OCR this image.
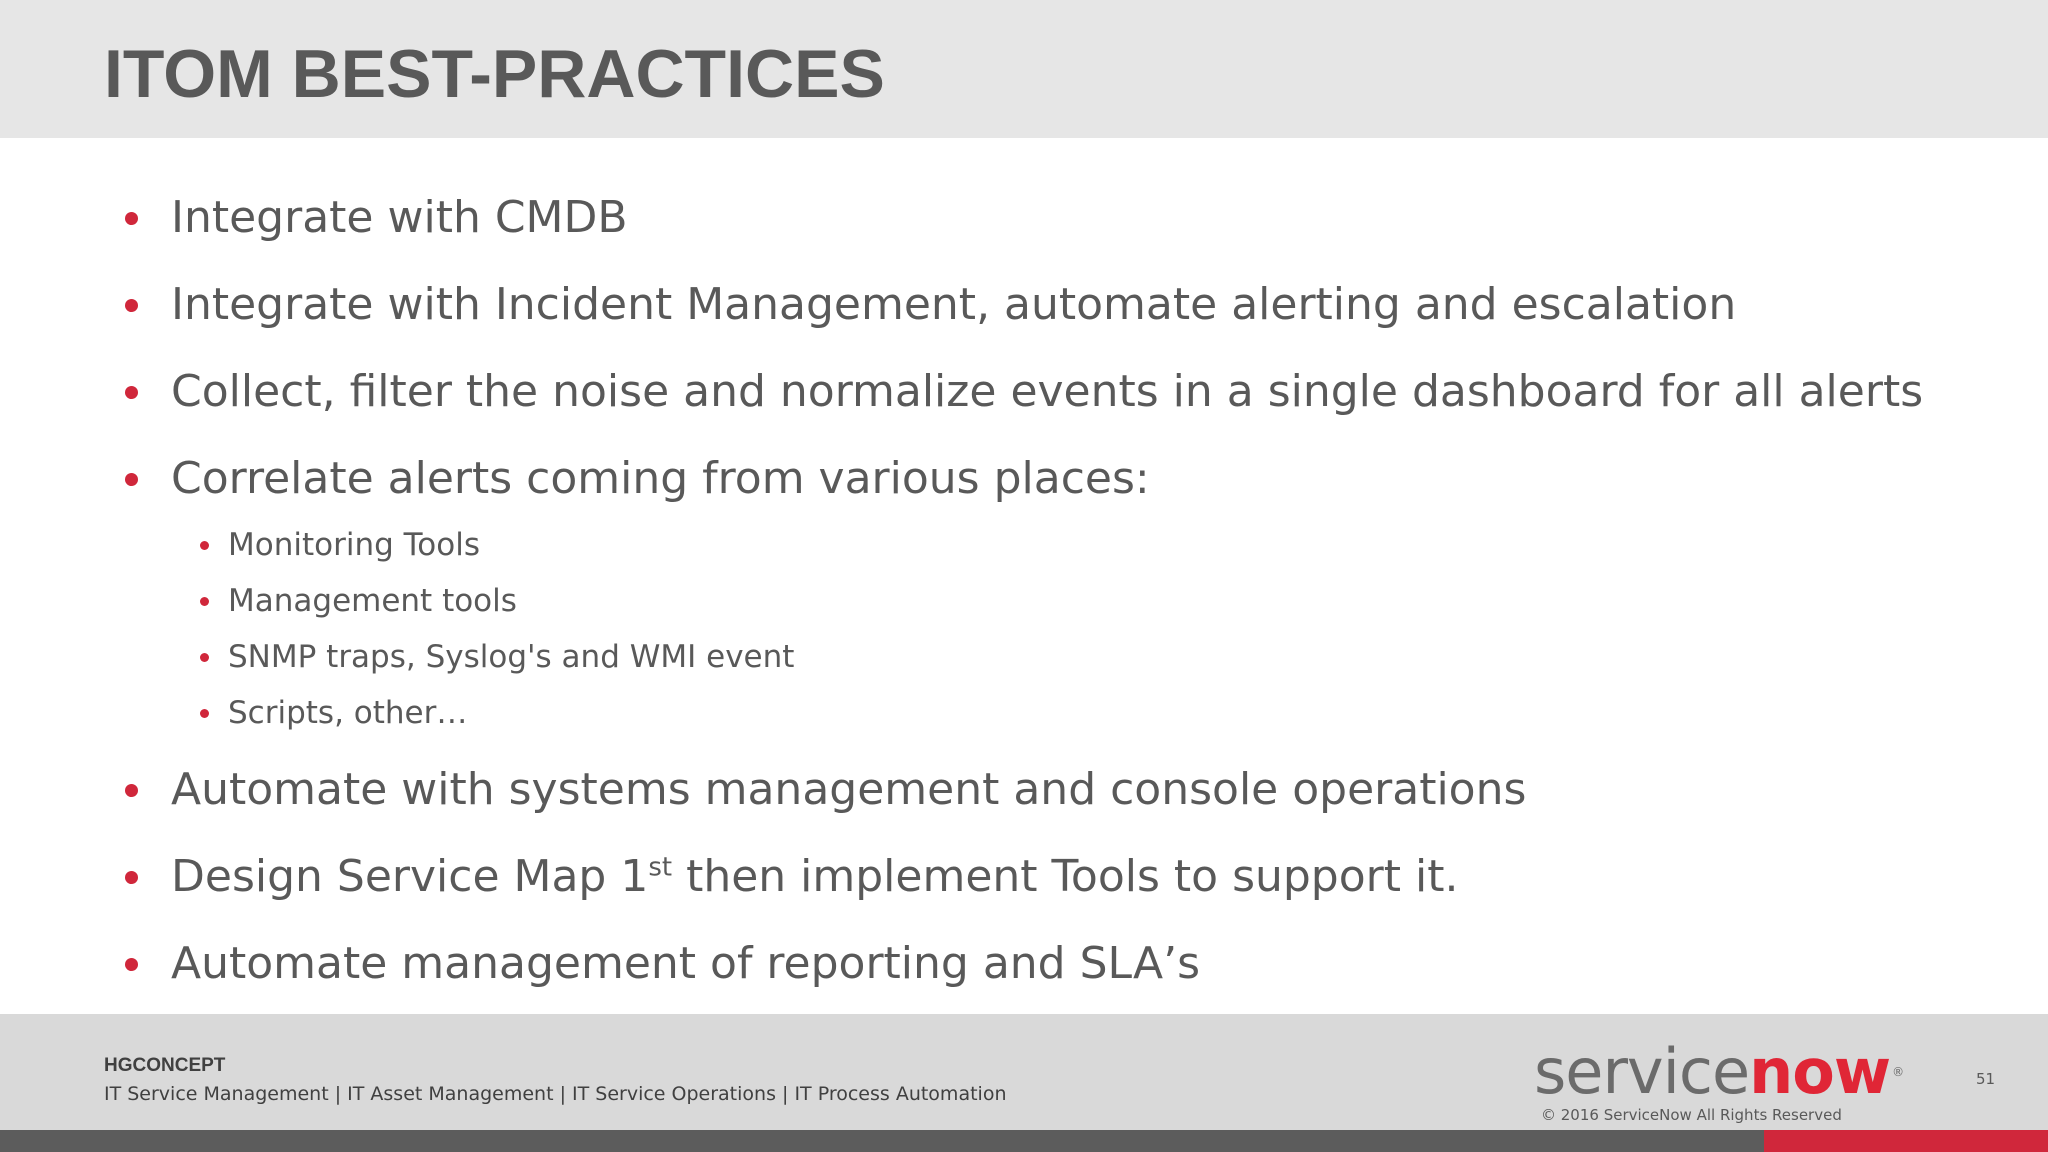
ITOM BEST-PRACTICES
Integrate with CMDB
Integrate with Incident Management, automate alerting and escalation
Collect, filter the noise and normalize events in a single dashboard for all alerts
Correlate alerts coming from various places:
Monitoring Tools
Management tools
SNMP traps, Syslog's and WMI event
Scripts, other…
Automate with systems management and console operations
Design Service Map 1st then implement Tools to support it.
Automate management of reporting and SLA’s
HGCONCEPT
IT Service Management | IT Asset Management | IT Service Operations | IT Process Automation	servicenow ®
© 2016 ServiceNow All Rights Reserved
51
